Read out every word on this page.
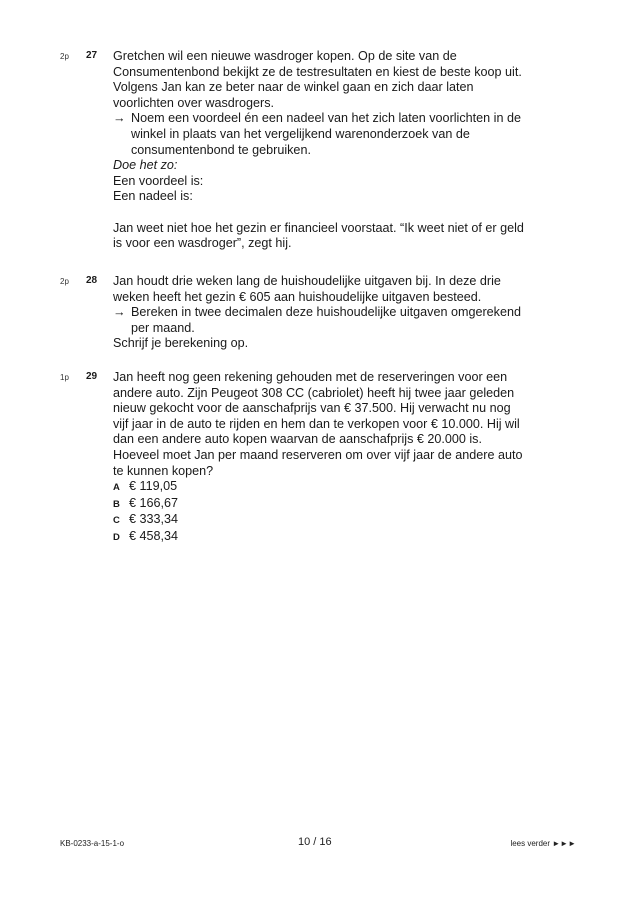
2p 27 Gretchen wil een nieuwe wasdroger kopen. Op de site van de
Consumentenbond bekijkt ze de testresultaten en kiest de beste koop uit.
Volgens Jan kan ze beter naar de winkel gaan en zich daar laten
voorlichten over wasdrogers.
→ Noem een voordeel én een nadeel van het zich laten voorlichten in de
winkel in plaats van het vergelijkend warenonderzoek van de
consumentenbond te gebruiken.
Doe het zo:
Een voordeel is:
Een nadeel is:
Jan weet niet hoe het gezin er financieel voorstaat. “Ik weet niet of er geld
is voor een wasdroger”, zegt hij.
2p 28 Jan houdt drie weken lang de huishoudelijke uitgaven bij. In deze drie
weken heeft het gezin € 605 aan huishoudelijke uitgaven besteed.
→ Bereken in twee decimalen deze huishoudelijke uitgaven omgerekend
per maand.
Schrijf je berekening op.
1p 29 Jan heeft nog geen rekening gehouden met de reserveringen voor een
andere auto. Zijn Peugeot 308 CC (cabriolet) heeft hij twee jaar geleden
nieuw gekocht voor de aanschafprijs van € 37.500. Hij verwacht nu nog
vijf jaar in de auto te rijden en hem dan te verkopen voor € 10.000. Hij wil
dan een andere auto kopen waarvan de aanschafprijs € 20.000 is.
Hoeveel moet Jan per maand reserveren om over vijf jaar de andere auto
te kunnen kopen?
A € 119,05
B € 166,67
C € 333,34
D € 458,34
KB-0233-a-15-1-o	10 / 16	lees verder ►►►
